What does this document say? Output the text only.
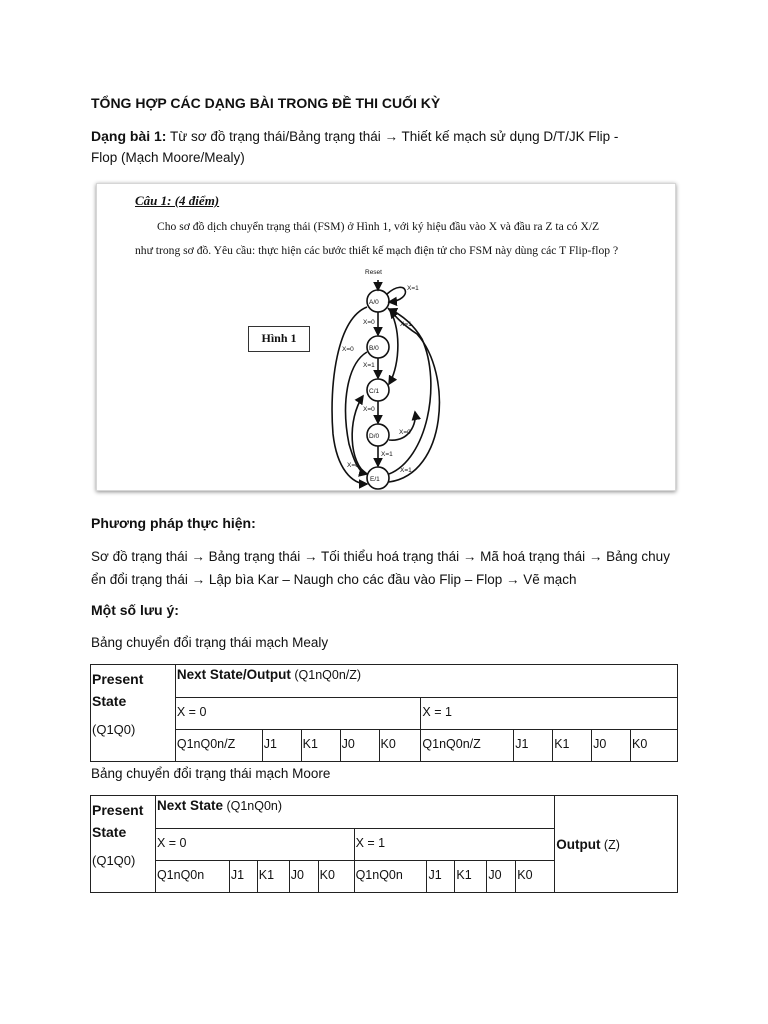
TỔNG HỢP CÁC DẠNG BÀI TRONG ĐỀ THI CUỐI KỲ
Dạng bài 1: Từ sơ đồ trạng thái/Bảng trạng thái → Thiết kế mạch sử dụng D/T/JK Flip -
Flop (Mạch Moore/Mealy)
Câu 1: (4 điểm)
Cho sơ đồ dịch chuyển trạng thái (FSM) ở Hình 1, với ký hiệu đầu vào X và đầu ra Z ta có X/Z
như trong sơ đồ. Yêu cầu: thực hiện các bước thiết kế mạch điện tử cho FSM này dùng các T Flip-flop ?
Hình 1
Reset
A/0
B/0
C/1
D/0
E/1
X=1
X=0	X=1
X=0
X=1
X=0
X=0
X=1
X=0
X=1
Phương pháp thực hiện:
Sơ đồ trạng thái → Bảng trạng thái → Tối thiểu hoá trạng thái → Mã hoá trạng thái → Bảng chuy
ển đổi trạng thái → Lập bìa Kar – Naugh cho các đầu vào Flip – Flop → Vẽ mạch
Một số lưu ý:
Bảng chuyển đổi trạng thái mạch Mealy
Present
State
(Q1Q0)	Next State/Output (Q1nQ0n/Z)									
	X = 0					X = 1				
	Q1nQ0n/Z	J1	K1	J0	K0	Q1nQ0n/Z	J1	K1	J0	K0
Bảng chuyển đổi trạng thái mạch Moore
Present
State
(Q1Q0)	Next State (Q1nQ0n)										Output (Z)
	X = 0					X = 1					
	Q1nQ0n	J1	K1	J0	K0	Q1nQ0n	J1	K1	J0	K0	
